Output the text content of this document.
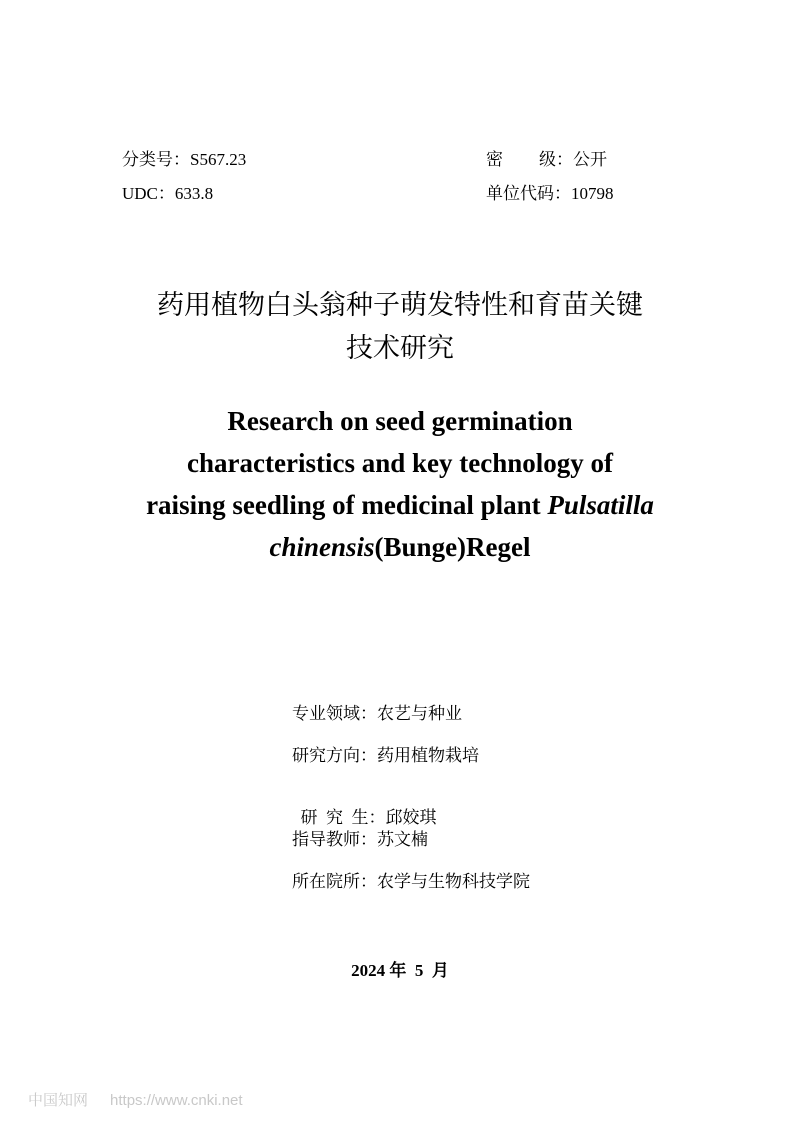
分类号：S567.23
UDC：633.8
密 级：公开
单位代码：10798
药用植物白头翁种子萌发特性和育苗关键
技术研究
Research on seed germination
characteristics and key technology of
raising seedling of medicinal plant Pulsatilla
chinensis(Bunge)Regel
专业领域：农艺与种业
研究方向：药用植物栽培

研  究  生：邱姣琪

指导教师：苏文楠
所在院所：农学与生物科技学院
2024 年  5  月
中国知网 https://www.cnki.net
